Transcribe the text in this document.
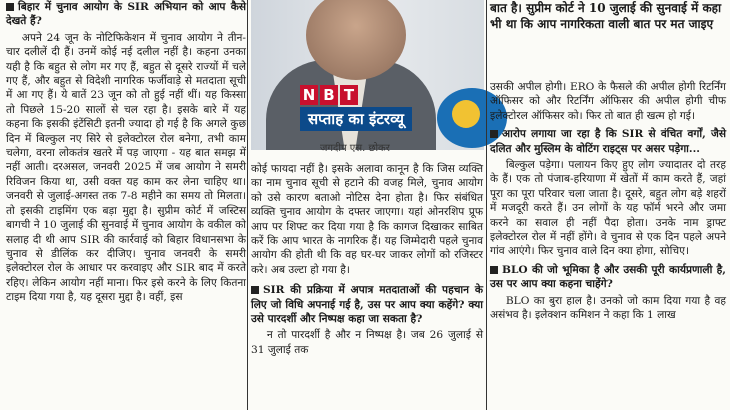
बिहार में चुनाव आयोग के SIR अभियान को आप कैसे देखते हैं?

अपने 24 जून के नोटिफिकेशन में चुनाव आयोग ने तीन-चार दलीलें दी हैं। उनमें कोई नई दलील नहीं है। कहना उनका यही है कि बहुत से लोग मर गए हैं, बहुत से दूसरे राज्यों में चले गए हैं, और बहुत से विदेशी नागरिक फर्जीवाड़े से मतदाता सूची में आ गए हैं। ये बातें 23 जून को तो हुई नहीं थीं। यह किस्सा तो पिछले 15-20 सालों से चल रहा है। इसके बारे में यह कहना कि इसकी इंटेंसिटी इतनी ज्यादा हो गई है कि अगले कुछ दिन में बिल्कुल नए सिरे से इलेक्टोरल रोल बनेगा, तभी काम चलेगा, वरना लोकतंत्र खतरे में पड़ जाएगा - यह बात समझ में नहीं आती। दरअसल, जनवरी 2025 में जब आयोग ने समरी रिविजन किया था, उसी वक्त यह काम कर लेना चाहिए था। जनवरी से जुलाई-अगस्त तक 7-8 महीने का समय तो मिलता। तो इसकी टाइमिंग एक बड़ा मुद्दा है। सुप्रीम कोर्ट में जस्टिस बागची ने 10 जुलाई की सुनवाई में चुनाव आयोग के वकील को सलाह दी थी आप SIR की कार्रवाई को बिहार विधानसभा के चुनाव से डीलिंक कर दीजिए। चुनाव जनवरी के समरी इलेक्टोरल रोल के आधार पर करवाइए और SIR बाद में करते रहिए। लेकिन आयोग नहीं माना। फिर इसे करने के लिए कितना टाइम दिया गया है, यह दूसरा मुद्दा है। वहीं, इस

N B T
सप्ताह का इंटरव्यू
जगदीप एस. छोकर

कोई फायदा नहीं है। इसके अलावा कानून है कि जिस व्यक्ति का नाम चुनाव सूची से हटाने की वजह मिले, चुनाव आयोग को उसे कारण बताओ नोटिस देना होता है। फिर संबंधित व्यक्ति चुनाव आयोग के दफ्तर जाएगा। यहां ओनरशिप प्रूफ आप पर शिफ्ट कर दिया गया है कि कागज दिखाकर साबित करें कि आप भारत के नागरिक हैं। यह जिम्मेदारी पहले चुनाव आयोग की होती थी कि वह घर-घर जाकर लोगों को रजिस्टर करे। अब उल्टा हो गया है।

SIR की प्रक्रिया में अपात्र मतदाताओं की पहचान के लिए जो विधि अपनाई गई है, उस पर आप क्या कहेंगे? क्या उसे पारदर्शी और निष्पक्ष कहा जा सकता है?

न तो पारदर्शी है और न निष्पक्ष है। जब 26 जुलाई से 31 जुलाई तक

बात है। सुप्रीम कोर्ट ने 10 जुलाई की सुनवाई में कहा भी था कि आप नागरिकता वाली बात पर मत जाइए

उसकी अपील होगी। ERO के फैसले की अपील होगी रिटर्निंग ऑफिसर को और रिटर्निंग ऑफिसर की अपील होगी चीफ इलेक्टोरल ऑफिसर को। फिर तो बात ही खत्म हो गई।

आरोप लगाया जा रहा है कि SIR से वंचित वर्गों, जैसे दलित और मुस्लिम के वोटिंग राइट्स पर असर पड़ेगा...

बिल्कुल पड़ेगा। पलायन किए हुए लोग ज्यादातर दो तरह के हैं। एक तो पंजाब-हरियाणा में खेतों में काम करते हैं, जहां पूरा का पूरा परिवार चला जाता है। दूसरे, बहुत लोग बड़े शहरों में मजदूरी करते हैं। उन लोगों के यह फॉर्म भरने और जमा करने का सवाल ही नहीं पैदा होता। उनके नाम ड्राफ्ट इलेक्टोरल रोल में नहीं होंगे। वे चुनाव से एक दिन पहले अपने गांव आएंगे। फिर चुनाव वाले दिन क्या होगा, सोचिए।

BLO की जो भूमिका है और उसकी पूरी कार्यप्रणाली है, उस पर आप क्या कहना चाहेंगे?

BLO का बुरा हाल है। उनको जो काम दिया गया है वह असंभव है। इलेक्शन कमिशन ने कहा कि 1 लाख
